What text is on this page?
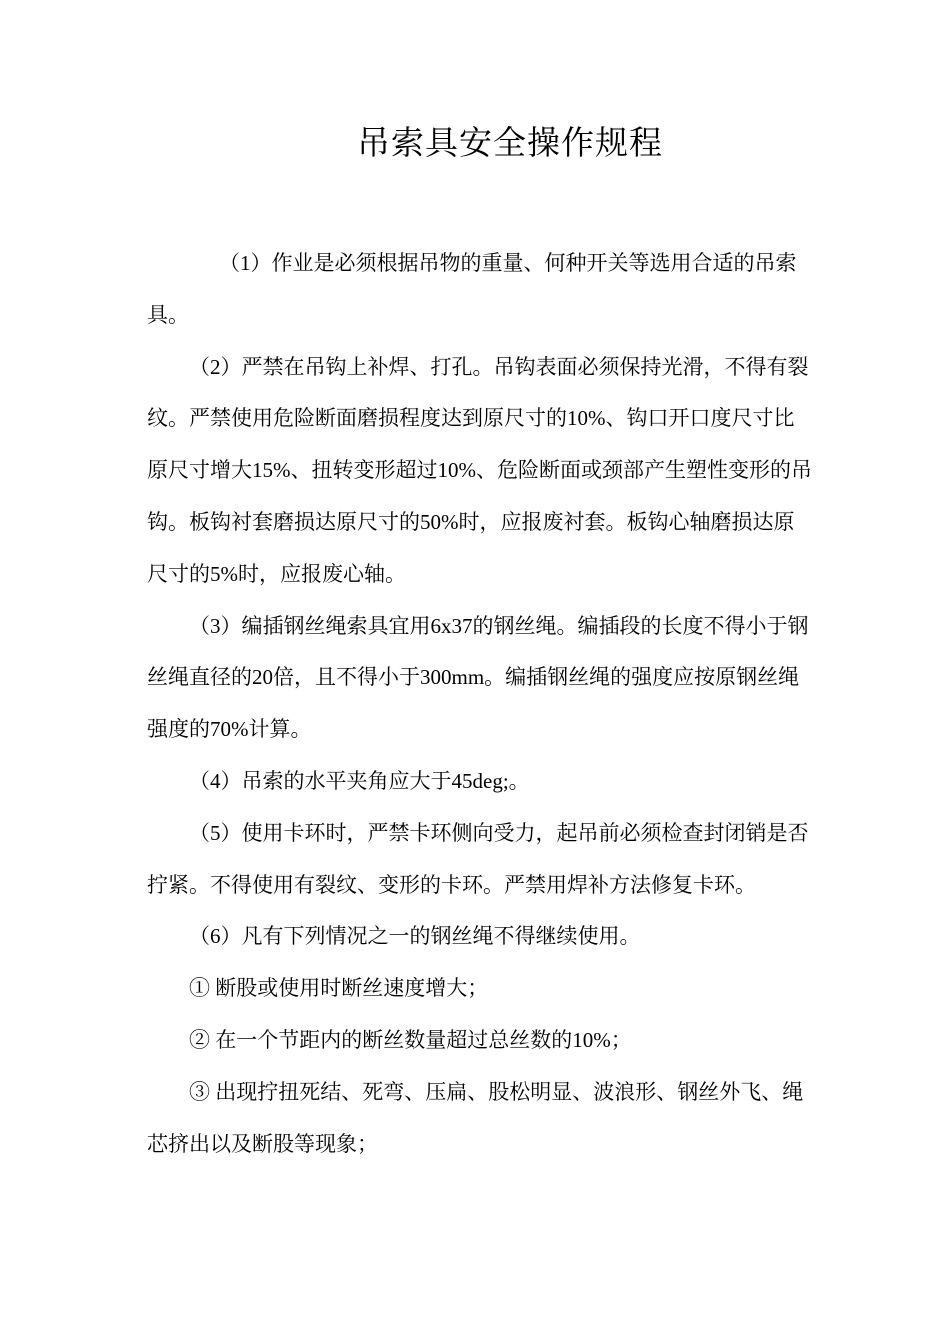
吊索具安全操作规程

（1）作业是必须根据吊物的重量、何种开关等选用合适的吊索具。

（2）严禁在吊钩上补焊、打孔。吊钩表面必须保持光滑，不得有裂纹。严禁使用危险断面磨损程度达到原尺寸的10%、钩口开口度尺寸比原尺寸增大15%、扭转变形超过10%、危险断面或颈部产生塑性变形的吊钩。板钩衬套磨损达原尺寸的50%时，应报废衬套。板钩心轴磨损达原尺寸的5%时，应报废心轴。

（3）编插钢丝绳索具宜用6x37的钢丝绳。编插段的长度不得小于钢丝绳直径的20倍，且不得小于300mm。编插钢丝绳的强度应按原钢丝绳强度的70%计算。

（4）吊索的水平夹角应大于45deg;。

（5）使用卡环时，严禁卡环侧向受力，起吊前必须检查封闭销是否拧紧。不得使用有裂纹、变形的卡环。严禁用焊补方法修复卡环。

（6）凡有下列情况之一的钢丝绳不得继续使用。

① 断股或使用时断丝速度增大；

② 在一个节距内的断丝数量超过总丝数的10%；

③ 出现拧扭死结、死弯、压扁、股松明显、波浪形、钢丝外飞、绳芯挤出以及断股等现象；
